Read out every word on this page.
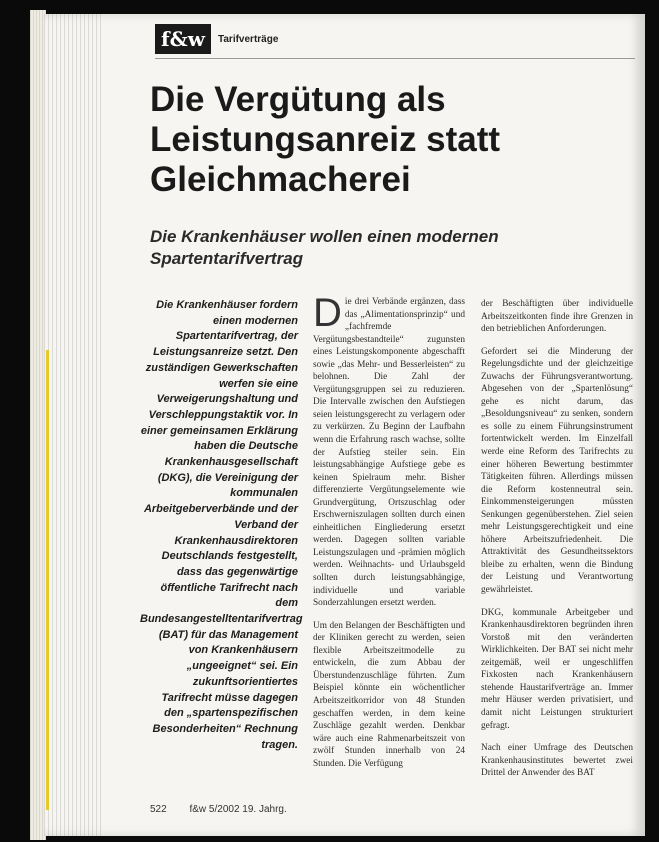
f&w	Tarifverträge
Die Vergütung als Leistungsanreiz statt Gleichmacherei
Die Krankenhäuser wollen einen modernen Spartentarifvertrag

Die Krankenhäuser fordern einen modernen Spartentarifvertrag, der Leistungsanreize setzt. Den zuständigen Gewerkschaften werfen sie eine Verweigerungshaltung und Verschleppungstaktik vor. In einer gemeinsamen Erklärung haben die Deutsche Krankenhausgesellschaft (DKG), die Vereinigung der kommunalen Arbeitgeberverbände und der Verband der Krankenhausdirektoren Deutschlands festgestellt, dass das gegenwärtige öffentliche Tarifrecht nach dem Bundesangestelltentarifvertrag (BAT) für das Management von Krankenhäusern „ungeeignet“ sei. Ein zukunftsorientiertes Tarifrecht müsse dagegen den „spartenspezifischen Besonderheiten“ Rechnung tragen.

Die drei Verbände ergänzen, dass das „Alimentationsprinzip“ und „fachfremde Vergütungsbestandteile“ zugunsten eines Leistungskomponente abgeschafft sowie „das Mehr- und Besserleisten“ zu belohnen. Die Zahl der Vergütungsgruppen sei zu reduzieren. Die Intervalle zwischen den Aufstiegen seien leistungsgerecht zu verlagern oder zu verkürzen. Zu Beginn der Laufbahn wenn die Erfahrung rasch wachse, sollte der Aufstieg steiler sein. Ein leistungsabhängige Aufstiege gebe es keinen Spielraum mehr. Bisher differenzierte Vergütungselemente wie Grundvergütung, Ortszuschlag oder Erschwerniszulagen sollten durch einen einheitlichen Eingliederung ersetzt werden. Dagegen sollten variable Leistungszulagen und -prämien möglich werden. Weihnachts- und Urlaubsgeld sollten durch leistungsabhängige, individuelle und variable Sonderzahlungen ersetzt werden.

Um den Belangen der Beschäftigten und der Kliniken gerecht zu werden, seien flexible Arbeitszeitmodelle zu entwickeln, die zum Abbau der Überstundenzuschläge führten. Zum Beispiel könnte ein wöchentlicher Arbeitszeitkorridor von 48 Stunden geschaffen werden, in dem keine Zuschläge gezahlt werden. Denkbar wäre auch eine Rahmenarbeitszeit von zwölf Stunden innerhalb von 24 Stunden. Die Verfügung

der Beschäftigten über individuelle Arbeitszeitkonten finde ihre Grenzen in den betrieblichen Anforderungen.

Gefordert sei die Minderung der Regelungsdichte und der gleichzeitige Zuwachs der Führungsverantwortung. Abgesehen von der „Spartenlösung“ gehe es nicht darum, das „Besoldungsniveau“ zu senken, sondern es solle zu einem Führungsinstrument fortentwickelt werden. Im Einzelfall werde eine Reform des Tarifrechts zu einer höheren Bewertung bestimmter Tätigkeiten führen. Allerdings müssen die Reform kostenneutral sein. Einkommensteigerungen müssten Senkungen gegenüberstehen. Ziel seien mehr Leistungsgerechtigkeit und eine höhere Arbeitszufriedenheit. Die Attraktivität des Gesundheitssektors bleibe zu erhalten, wenn die Bindung der Leistung und Verantwortung gewährleistet.

DKG, kommunale Arbeitgeber und Krankenhausdirektoren begründen ihren Vorstoß mit den veränderten Wirklichkeiten. Der BAT sei nicht mehr zeitgemäß, weil er ungeschliffen Fixkosten nach Krankenhäusern stehende Haustarifverträge an. Immer mehr Häuser werden privatisiert, und damit nicht Leistungen strukturiert gefragt.

Nach einer Umfrage des Deutschen Krankenhausinstitutes bewertet zwei Drittel der Anwender des BAT

522 f&w 5/2002 19. Jahrg.
